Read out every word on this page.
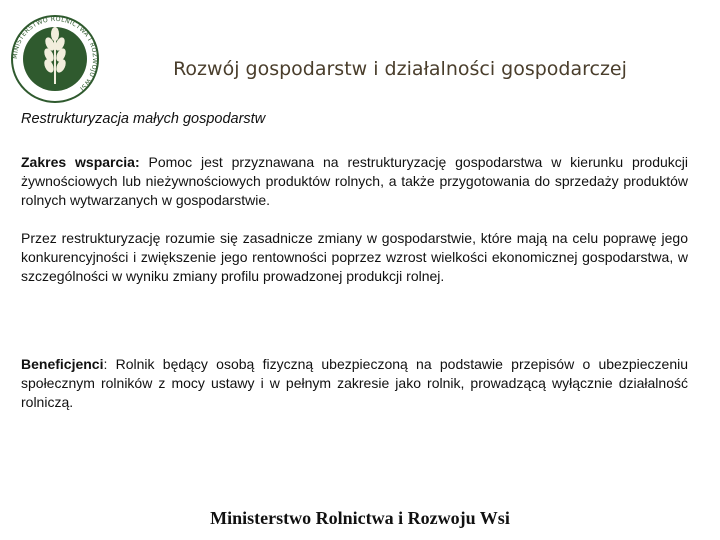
MINISTERSTWO ROLNICTWA I ROZWOJU WSI
Rozwój gospodarstw i działalności gospodarczej

Restrukturyzacja małych gospodarstw

Zakres wsparcia: Pomoc jest przyznawana na restrukturyzację gospodarstwa w kierunku produkcji żywnościowych lub nieżywnościowych produktów rolnych, a także przygotowania do sprzedaży produktów rolnych wytwarzanych w gospodarstwie.

Przez restrukturyzację rozumie się zasadnicze zmiany w gospodarstwie, które mają na celu poprawę jego konkurencyjności i zwiększenie jego rentowności poprzez wzrost wielkości ekonomicznej gospodarstwa, w szczególności w wyniku zmiany profilu prowadzonej produkcji rolnej.

Beneficjenci: Rolnik będący osobą fizyczną ubezpieczoną na podstawie przepisów o ubezpieczeniu społecznym rolników z mocy ustawy i w pełnym zakresie jako rolnik, prowadzącą wyłącznie działalność rolniczą.

Ministerstwo Rolnictwa i Rozwoju Wsi
